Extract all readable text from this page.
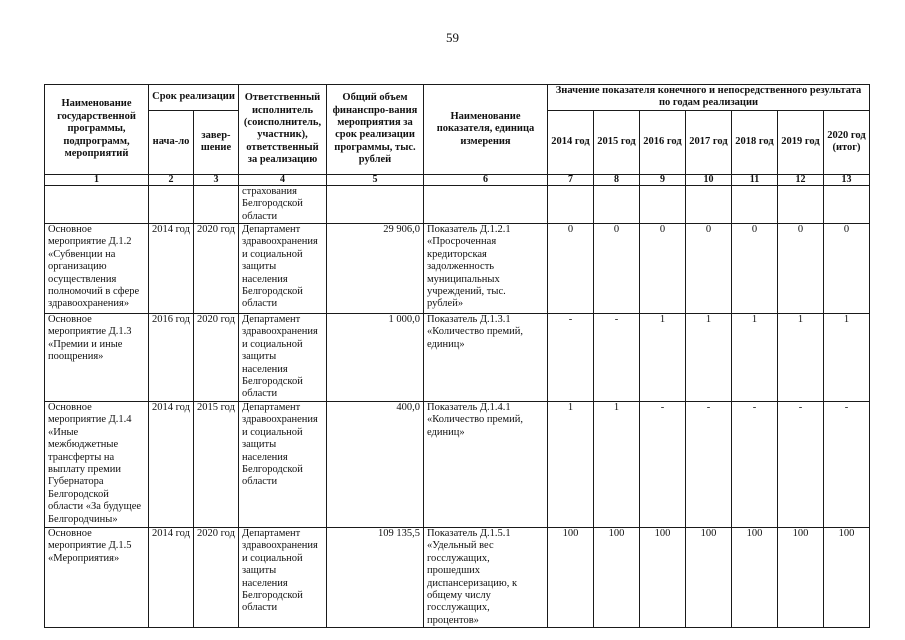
59
Наименование государственной программы, подпрограмм, мероприятий	Срок реализации		Ответственный исполнитель (соисполнитель, участник), ответственный за реализацию	Общий объем финанспро-вания мероприятия за срок реализации программы, тыс. рублей	Наименование показателя, единица измерения	Значение показателя конечного и непосредственного результата по годам реализации						
	нача-ло	завер-шение				2014 год	2015 год	2016 год	2017 год	2018 год	2019 год	2020 год (итог)
1	2	3	4	5	6	7	8	9	10	11	12	13
			страхования Белгородской области									
Основное мероприятие Д.1.2 «Субвенции на организацию осуществления полномочий в сфере здравоохранения»	2014 год	2020 год	Департамент здравоохранения и социальной защиты населения Белгородской области	29 906,0	Показатель Д.1.2.1 «Просроченная кредиторская задолженность муниципальных учреждений, тыс. рублей»	0	0	0	0	0	0	0
Основное мероприятие Д.1.3 «Премии и иные поощрения»	2016 год	2020 год	Департамент здравоохранения и социальной защиты населения Белгородской области	1 000,0	Показатель Д.1.3.1 «Количество премий, единиц»	-	-	1	1	1	1	1
Основное мероприятие Д.1.4 «Иные межбюджетные трансферты на выплату премии Губернатора Белгородской области «За будущее Белгородчины»	2014 год	2015 год	Департамент здравоохранения и социальной защиты населения Белгородской области	400,0	Показатель Д.1.4.1 «Количество премий, единиц»	1	1	-	-	-	-	-
Основное мероприятие Д.1.5 «Мероприятия»	2014 год	2020 год	Департамент здравоохранения и социальной защиты населения Белгородской области	109 135,5	Показатель Д.1.5.1 «Удельный вес госслужащих, прошедших диспансеризацию, к общему числу госслужащих, процентов»	100	100	100	100	100	100	100
